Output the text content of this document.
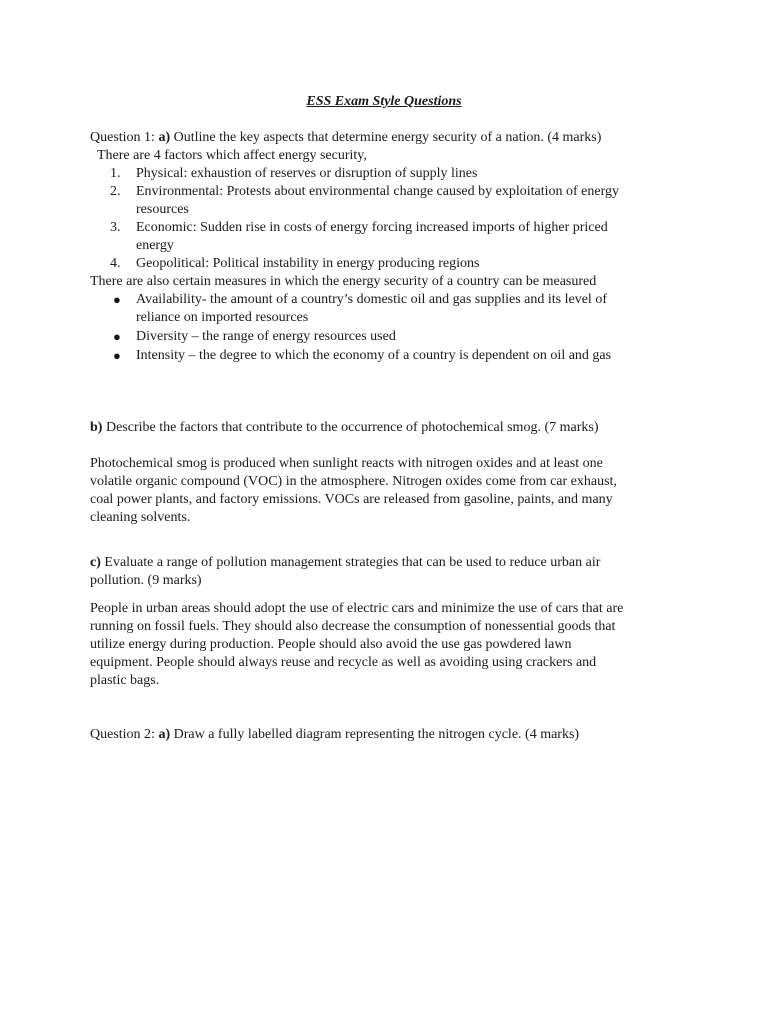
ESS Exam Style Questions
Question 1: a) Outline the key aspects that determine energy security of a nation. (4 marks)
There are 4 factors which affect energy security,
1. Physical: exhaustion of reserves or disruption of supply lines
2. Environmental: Protests about environmental change caused by exploitation of energy
resources
3. Economic: Sudden rise in costs of energy forcing increased imports of higher priced
energy
4. Geopolitical: Political instability in energy producing regions
There are also certain measures in which the energy security of a country can be measured
● Availability- the amount of a country’s domestic oil and gas supplies and its level of
reliance on imported resources
● Diversity – the range of energy resources used
● Intensity – the degree to which the economy of a country is dependent on oil and gas
b) Describe the factors that contribute to the occurrence of photochemical smog. (7 marks)
Photochemical smog is produced when sunlight reacts with nitrogen oxides and at least one
volatile organic compound (VOC) in the atmosphere. Nitrogen oxides come from car exhaust,
coal power plants, and factory emissions. VOCs are released from gasoline, paints, and many
cleaning solvents.
c) Evaluate a range of pollution management strategies that can be used to reduce urban air
pollution. (9 marks)
People in urban areas should adopt the use of electric cars and minimize the use of cars that are
running on fossil fuels. They should also decrease the consumption of nonessential goods that
utilize energy during production. People should also avoid the use gas powdered lawn
equipment. People should always reuse and recycle as well as avoiding using crackers and
plastic bags.
Question 2: a) Draw a fully labelled diagram representing the nitrogen cycle. (4 marks)
